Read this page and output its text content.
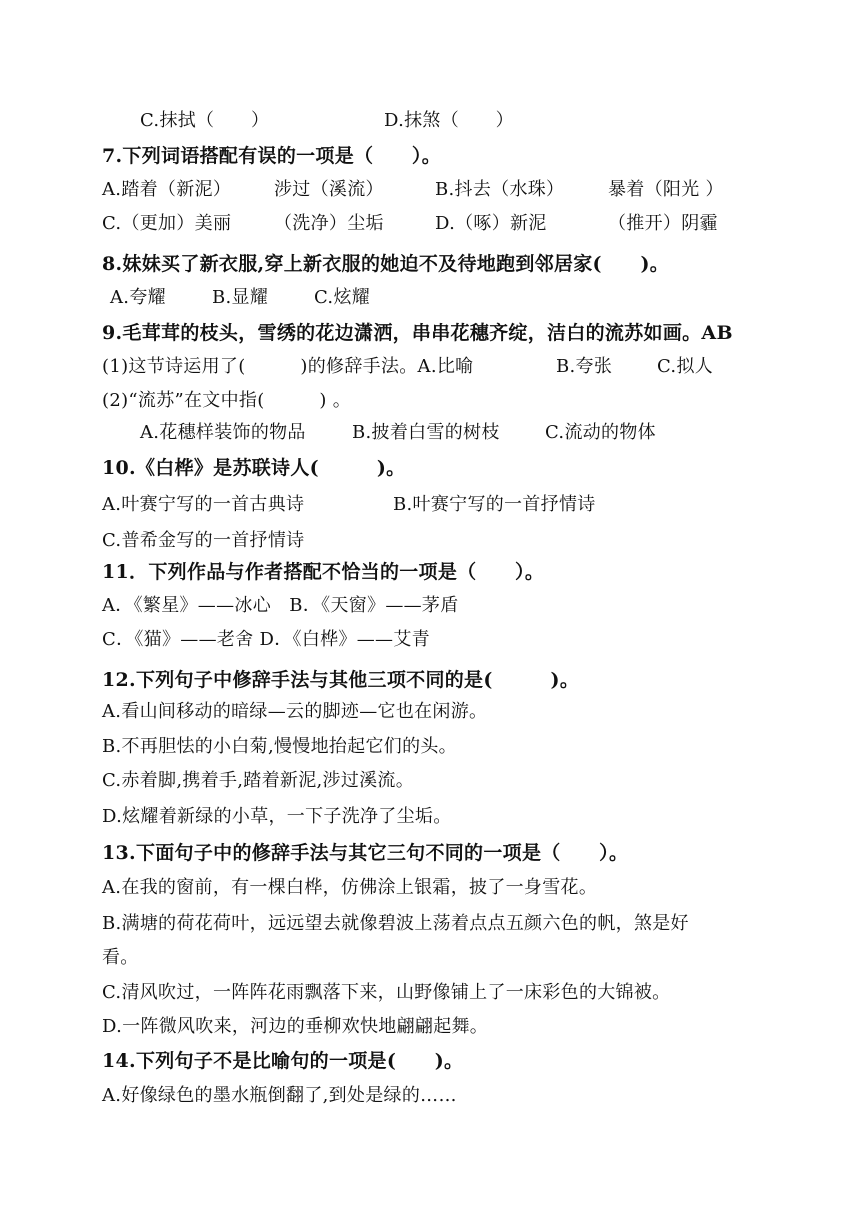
C.抹拭（　　）	D.抹煞（　　）
7.下列词语搭配有误的一项是（　　）。
A.踏着（新泥） 涉过（溪流）	B.抖去（水珠） 暴着（阳光 ）
C.（更加）美丽 （洗净）尘垢	D.（啄）新泥	（推开）阴霾
8.妹妹买了新衣服,穿上新衣服的她迫不及待地跑到邻居家(　　)。
A.夸耀	B.显耀	C.炫耀
9.毛茸茸的枝头，雪绣的花边潇洒，串串花穗齐绽，洁白的流苏如画。AB
(1)这节诗运用了(　　　)的修辞手法。A.比喻	B.夸张 C.拟人
(2)“流苏”在文中指(　　　) 。
A.花穗样装饰的物品	B.披着白雪的树枝	C.流动的物体
10.《白桦》是苏联诗人(　　　)。
A.叶赛宁写的一首古典诗	B.叶赛宁写的一首抒情诗
C.普希金写的一首抒情诗
11．下列作品与作者搭配不恰当的一项是（　　）。
A．《繁星》——冰心　B．《天窗》——茅盾
C．《猫》——老舍 D．《白桦》——艾青
12.下列句子中修辞手法与其他三项不同的是(　　　)。
A.看山间移动的暗绿—云的脚迹—它也在闲游。
B.不再胆怯的小白菊,慢慢地抬起它们的头。
C.赤着脚,携着手,踏着新泥,涉过溪流。
D.炫耀着新绿的小草，一下子洗净了尘垢。
13.下面句子中的修辞手法与其它三句不同的一项是（　　）。
A.在我的窗前，有一棵白桦，仿佛涂上银霜，披了一身雪花。
B.满塘的荷花荷叶，远远望去就像碧波上荡着点点五颜六色的帆，煞是好
看。
C.清风吹过，一阵阵花雨飘落下来，山野像铺上了一床彩色的大锦被。
D.一阵微风吹来，河边的垂柳欢快地翩翩起舞。
14.下列句子不是比喻句的一项是(　　)。
A.好像绿色的墨水瓶倒翻了,到处是绿的……
